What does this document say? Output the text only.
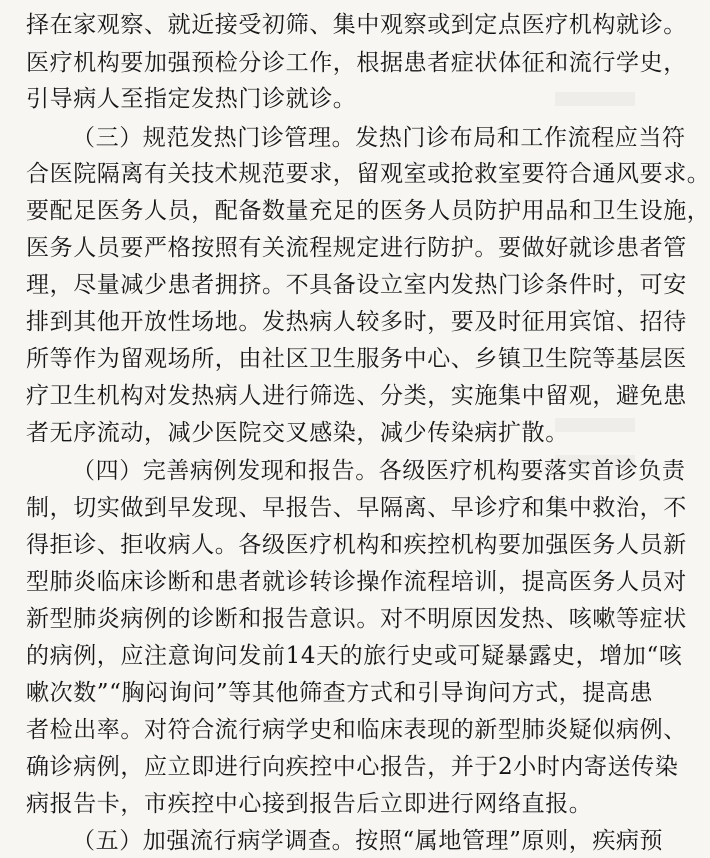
择在家观察、就近接受初筛、集中观察或到定点医疗机构就诊。
医疗机构要加强预检分诊工作，根据患者症状体征和流行学史，
引导病人至指定发热门诊就诊。
（三）规范发热门诊管理。发热门诊布局和工作流程应当符
合医院隔离有关技术规范要求，留观室或抢救室要符合通风要求。
要配足医务人员，配备数量充足的医务人员防护用品和卫生设施，
医务人员要严格按照有关流程规定进行防护。要做好就诊患者管
理，尽量减少患者拥挤。不具备设立室内发热门诊条件时，可安
排到其他开放性场地。发热病人较多时，要及时征用宾馆、招待
所等作为留观场所，由社区卫生服务中心、乡镇卫生院等基层医
疗卫生机构对发热病人进行筛选、分类，实施集中留观，避免患
者无序流动，减少医院交叉感染，减少传染病扩散。
（四）完善病例发现和报告。各级医疗机构要落实首诊负责
制，切实做到早发现、早报告、早隔离、早诊疗和集中救治，不
得拒诊、拒收病人。各级医疗机构和疾控机构要加强医务人员新
型肺炎临床诊断和患者就诊转诊操作流程培训，提高医务人员对
新型肺炎病例的诊断和报告意识。对不明原因发热、咳嗽等症状
的病例，应注意询问发前14天的旅行史或可疑暴露史，增加“咳
嗽次数”“胸闷询问”等其他筛查方式和引导询问方式，提高患
者检出率。对符合流行病学史和临床表现的新型肺炎疑似病例、
确诊病例，应立即进行向疾控中心报告，并于2小时内寄送传染
病报告卡，市疾控中心接到报告后立即进行网络直报。
（五）加强流行病学调查。按照“属地管理”原则，疾病预
